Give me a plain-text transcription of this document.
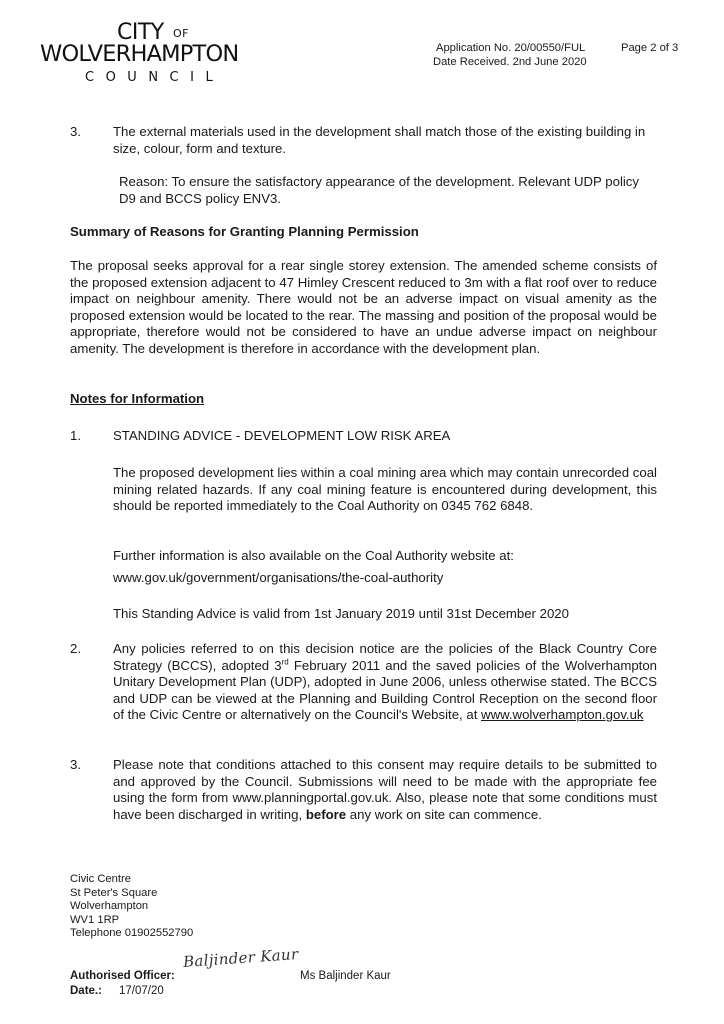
CITY OF
WOLVERHAMPTON
COUNCIL
Application No. 20/00550/FUL	Page 2 of 3
Date Received. 2nd June 2020
3. The external materials used in the development shall match those of the existing building in size, colour, form and texture.
Reason: To ensure the satisfactory appearance of the development. Relevant UDP policy D9 and BCCS policy ENV3.
Summary of Reasons for Granting Planning Permission
The proposal seeks approval for a rear single storey extension. The amended scheme consists of the proposed extension adjacent to 47 Himley Crescent reduced to 3m with a flat roof over to reduce impact on neighbour amenity. There would not be an adverse impact on visual amenity as the proposed extension would be located to the rear. The massing and position of the proposal would be appropriate, therefore would not be considered to have an undue adverse impact on neighbour amenity. The development is therefore in accordance with the development plan.
Notes for Information
1. STANDING ADVICE - DEVELOPMENT LOW RISK AREA
The proposed development lies within a coal mining area which may contain unrecorded coal mining related hazards. If any coal mining feature is encountered during development, this should be reported immediately to the Coal Authority on 0345 762 6848.
Further information is also available on the Coal Authority website at:
www.gov.uk/government/organisations/the-coal-authority
This Standing Advice is valid from 1st January 2019 until 31st December 2020
2. Any policies referred to on this decision notice are the policies of the Black Country Core Strategy (BCCS), adopted 3rd February 2011 and the saved policies of the Wolverhampton Unitary Development Plan (UDP), adopted in June 2006, unless otherwise stated. The BCCS and UDP can be viewed at the Planning and Building Control Reception on the second floor of the Civic Centre or alternatively on the Council's Website, at www.wolverhampton.gov.uk
3. Please note that conditions attached to this consent may require details to be submitted to and approved by the Council. Submissions will need to be made with the appropriate fee using the form from www.planningportal.gov.uk. Also, please note that some conditions must have been discharged in writing, before any work on site can commence.
Civic Centre
St Peter's Square
Wolverhampton
WV1 1RP
Telephone 01902552790
Authorised Officer:
Baljinder Kaur
Ms Baljinder Kaur
Date.: 17/07/20
